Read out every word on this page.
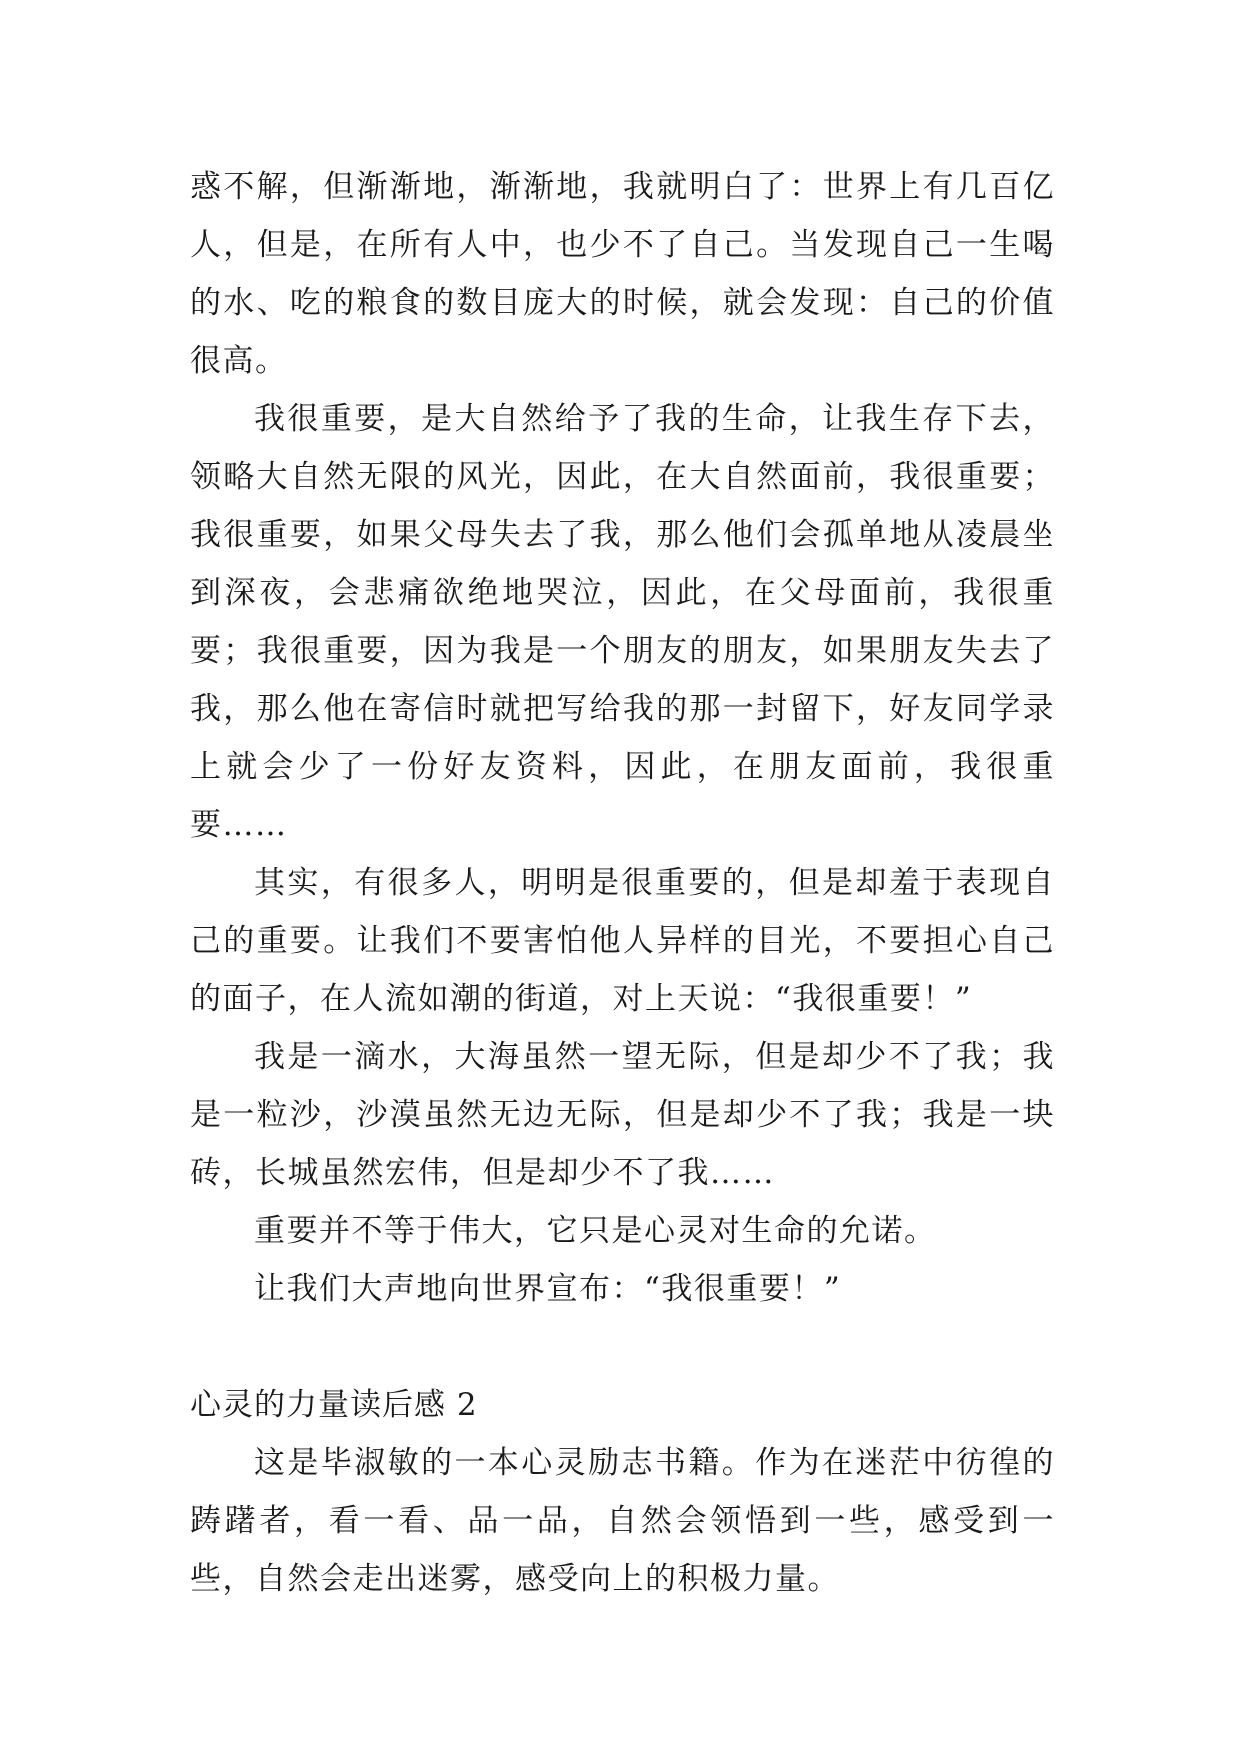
惑不解，但渐渐地，渐渐地，我就明白了：世界上有几百亿人，但是，在所有人中，也少不了自己。当发现自己一生喝的水、吃的粮食的数目庞大的时候，就会发现：自己的价值很高。

我很重要，是大自然给予了我的生命，让我生存下去，领略大自然无限的风光，因此，在大自然面前，我很重要；我很重要，如果父母失去了我，那么他们会孤单地从凌晨坐到深夜，会悲痛欲绝地哭泣，因此，在父母面前，我很重要；我很重要，因为我是一个朋友的朋友，如果朋友失去了我，那么他在寄信时就把写给我的那一封留下，好友同学录上就会少了一份好友资料，因此，在朋友面前，我很重要……

其实，有很多人，明明是很重要的，但是却羞于表现自己的重要。让我们不要害怕他人异样的目光，不要担心自己的面子，在人流如潮的街道，对上天说：“我很重要！”

我是一滴水，大海虽然一望无际，但是却少不了我；我是一粒沙，沙漠虽然无边无际，但是却少不了我；我是一块砖，长城虽然宏伟，但是却少不了我……

重要并不等于伟大，它只是心灵对生命的允诺。

让我们大声地向世界宣布：“我很重要！”

心灵的力量读后感 2

这是毕淑敏的一本心灵励志书籍。作为在迷茫中彷徨的踌躇者，看一看、品一品，自然会领悟到一些，感受到一些，自然会走出迷雾，感受向上的积极力量。
